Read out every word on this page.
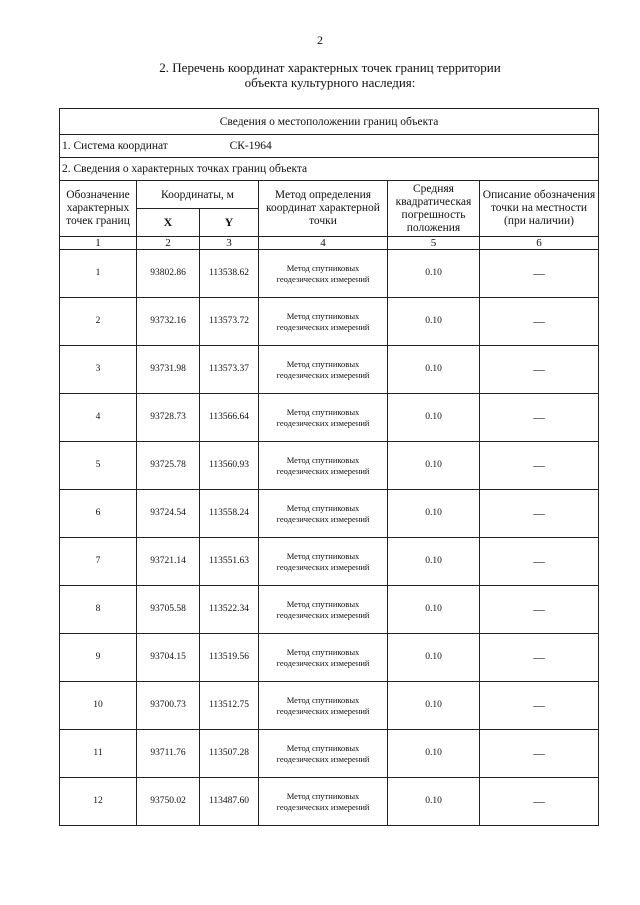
2
2. Перечень координат характерных точек границ территории
объекта культурного наследия:
Сведения о местоположении границ объекта					
1. Система координат СК-1964					
2. Сведения о характерных точках границ объекта					
Обозначение характерных точек границ	Координаты, м		Метод определения координат характерной точки	Средняя квадратическая погрешность положения	Описание обозначения точки на местности (при наличии)
	X	Y			
1	2	3	4	5	6
1	93802.86	113538.62	Метод спутниковых геодезических измерений	0.10	—
2	93732.16	113573.72	Метод спутниковых геодезических измерений	0.10	—
3	93731.98	113573.37	Метод спутниковых геодезических измерений	0.10	—
4	93728.73	113566.64	Метод спутниковых геодезических измерений	0.10	—
5	93725.78	113560.93	Метод спутниковых геодезических измерений	0.10	—
6	93724.54	113558.24	Метод спутниковых геодезических измерений	0.10	—
7	93721.14	113551.63	Метод спутниковых геодезических измерений	0.10	—
8	93705.58	113522.34	Метод спутниковых геодезических измерений	0.10	—
9	93704.15	113519.56	Метод спутниковых геодезических измерений	0.10	—
10	93700.73	113512.75	Метод спутниковых геодезических измерений	0.10	—
11	93711.76	113507.28	Метод спутниковых геодезических измерений	0.10	—
12	93750.02	113487.60	Метод спутниковых геодезических измерений	0.10	—
